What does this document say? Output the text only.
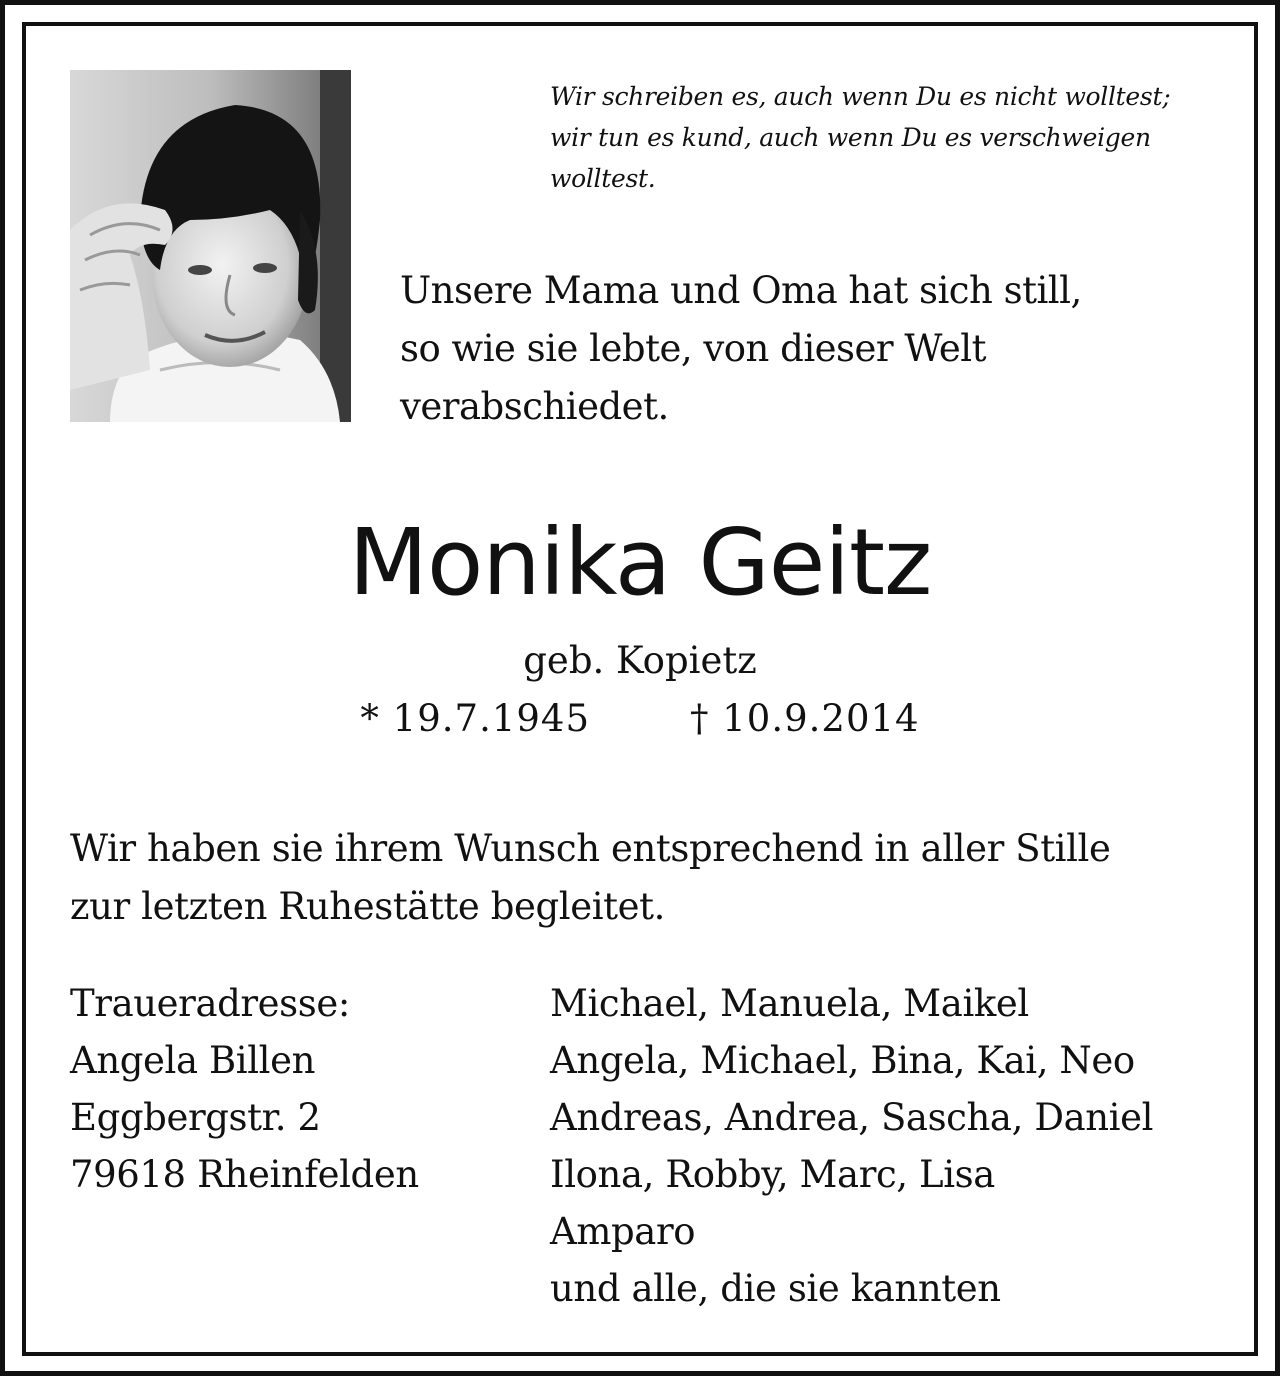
Wir schreiben es, auch wenn Du es nicht wolltest;
wir tun es kund, auch wenn Du es verschweigen
wolltest.
Unsere Mama und Oma hat sich still,
so wie sie lebte, von dieser Welt
verabschiedet.
Monika Geitz
geb. Kopietz
* 19.7.1945	† 10.9.2014
Wir haben sie ihrem Wunsch entsprechend in aller Stille
zur letzten Ruhestätte begleitet.
Traueradresse:
Angela Billen
Eggbergstr. 2
79618 Rheinfelden
Michael, Manuela, Maikel
Angela, Michael, Bina, Kai, Neo
Andreas, Andrea, Sascha, Daniel
Ilona, Robby, Marc, Lisa
Amparo
und alle, die sie kannten
